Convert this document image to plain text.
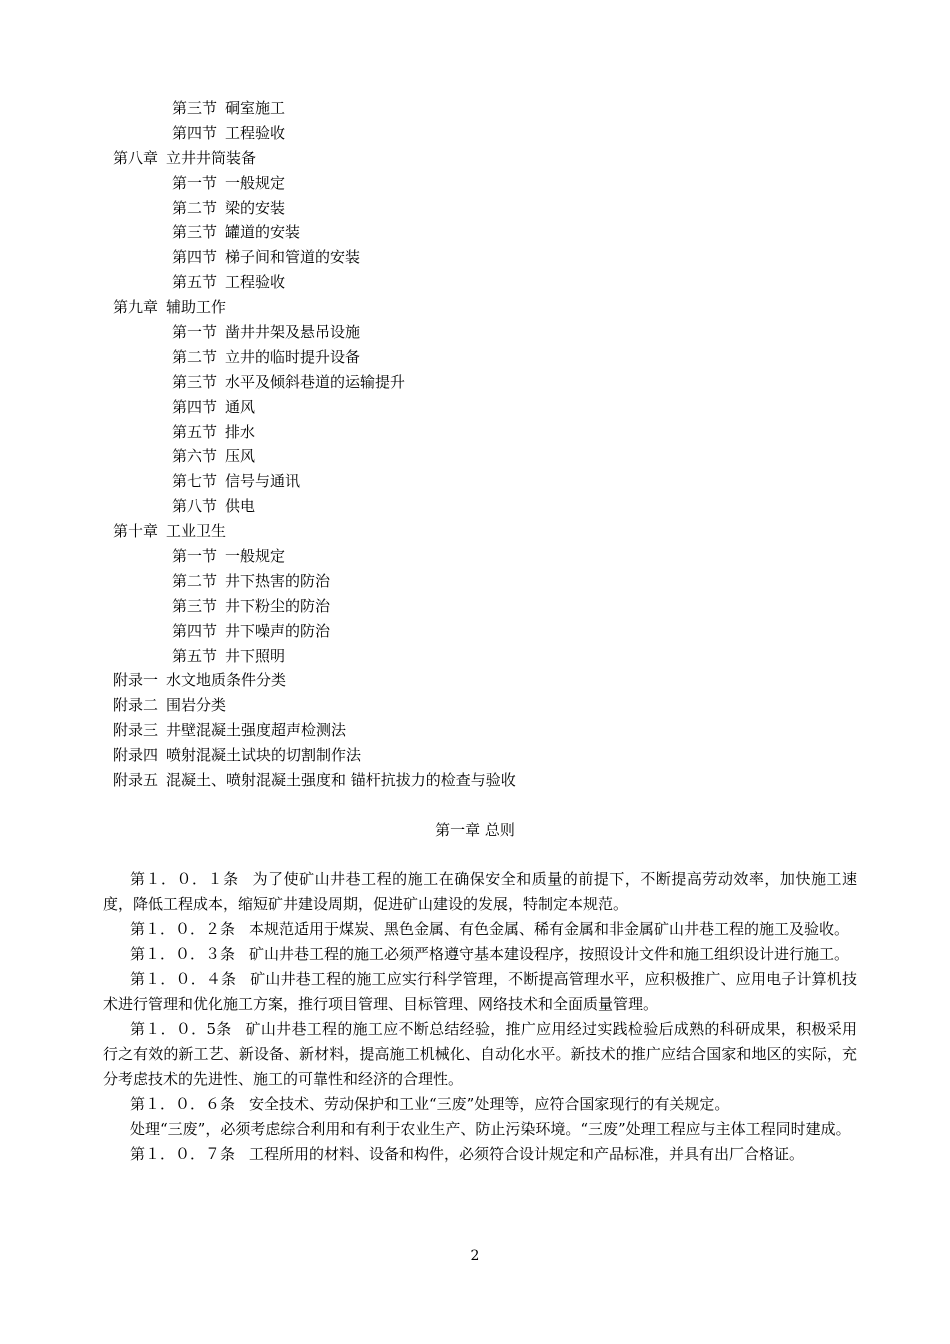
第三节 硐室施工
第四节 工程验收
第八章 立井井筒装备
第一节 一般规定
第二节 梁的安装
第三节 罐道的安装
第四节 梯子间和管道的安装
第五节 工程验收
第九章 辅助工作
第一节 凿井井架及悬吊设施
第二节 立井的临时提升设备
第三节 水平及倾斜巷道的运输提升
第四节 通风
第五节 排水
第六节 压风
第七节 信号与通讯
第八节 供电
第十章 工业卫生
第一节 一般规定
第二节 井下热害的防治
第三节 井下粉尘的防治
第四节 井下噪声的防治
第五节 井下照明
附录一 水文地质条件分类
附录二 围岩分类
附录三 井壁混凝土强度超声检测法
附录四 喷射混凝土试块的切割制作法
附录五 混凝土、喷射混凝土强度和 锚杆抗拔力的检查与验收
第一章 总则

第１．０．１条 为了使矿山井巷工程的施工在确保安全和质量的前提下，不断提高劳动效率，加快施工速度，降低工程成本，缩短矿井建设周期，促进矿山建设的发展，特制定本规范。

第１．０．２条 本规范适用于煤炭、黑色金属、有色金属、稀有金属和非金属矿山井巷工程的施工及验收。

第１．０．３条 矿山井巷工程的施工必须严格遵守基本建设程序，按照设计文件和施工组织设计进行施工。

第１．０．４条 矿山井巷工程的施工应实行科学管理，不断提高管理水平，应积极推广、应用电子计算机技术进行管理和优化施工方案，推行项目管理、目标管理、网络技术和全面质量管理。

第１．０．5条 矿山井巷工程的施工应不断总结经验，推广应用经过实践检验后成熟的科研成果，积极采用行之有效的新工艺、新设备、新材料，提高施工机械化、自动化水平。新技术的推广应结合国家和地区的实际，充分考虑技术的先进性、施工的可靠性和经济的合理性。

第１．０．６条 安全技术、劳动保护和工业“三废”处理等，应符合国家现行的有关规定。

处理“三废”，必须考虑综合利用和有利于农业生产、防止污染环境。“三废”处理工程应与主体工程同时建成。

第１．０．７条 工程所用的材料、设备和构件，必须符合设计规定和产品标准，并具有出厂合格证。

2
